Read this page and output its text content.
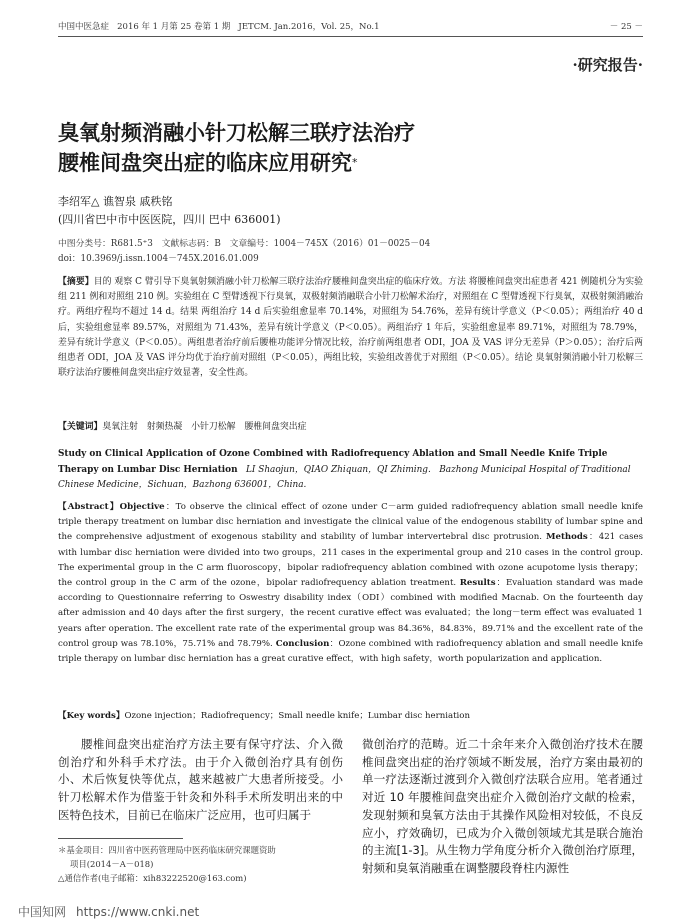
中国中医急症 2016 年 1 月第 25 卷第 1 期 JETCM. Jan.2016，Vol. 25，No.1	－ 25 －
·研究报告·
臭氧射频消融小针刀松解三联疗法治疗
腰椎间盘突出症的临床应用研究*
李绍军△ 谯智泉 戚秩铭
(四川省巴中市中医医院，四川 巴中 636001)
中图分类号：R681.5⁺3　文献标志码：B　文章编号：1004－745X（2016）01－0025－04
doi：10.3969/j.issn.1004－745X.2016.01.009
【摘要】目的 观察 C 臂引导下臭氧射频消融小针刀松解三联疗法治疗腰椎间盘突出症的临床疗效。方法 将腰椎间盘突出症患者 421 例随机分为实验组 211 例和对照组 210 例。实验组在 C 型臂透视下行臭氧，双极射频消融联合小针刀松解术治疗，对照组在 C 型臂透视下行臭氧，双极射频消融治疗。两组疗程均不超过 14 d。结果 两组治疗 14 d 后实验组愈显率 70.14%，对照组为 54.76%，差异有统计学意义（P＜0.05）；两组治疗 40 d 后，实验组愈显率 89.57%，对照组为 71.43%，差异有统计学意义（P＜0.05）。两组治疗 1 年后，实验组愈显率 89.71%，对照组为 78.79%，差异有统计学意义（P＜0.05）。两组患者治疗前后腰椎功能评分情况比较，治疗前两组患者 ODI，JOA 及 VAS 评分无差异（P＞0.05）；治疗后两组患者 ODI，JOA 及 VAS 评分均优于治疗前对照组（P＜0.05），两组比较，实验组改善优于对照组（P＜0.05）。结论 臭氧射频消融小针刀松解三联疗法治疗腰椎间盘突出症疗效显著，安全性高。
【关键词】臭氧注射　射频热凝　小针刀松解　腰椎间盘突出症
Study on Clinical Application of Ozone Combined with Radiofrequency Ablation and Small Needle Knife Triple Therapy on Lumbar Disc Herniation LI Shaojun，QIAO Zhiquan，QI Zhiming. Bazhong Municipal Hospital of Traditional Chinese Medicine，Sichuan，Bazhong 636001，China.
【Abstract】Objective：To observe the clinical effect of ozone under C－arm guided radiofrequency ablation small needle knife triple therapy treatment on lumbar disc herniation and investigate the clinical value of the endogenous stability of lumbar spine and the comprehensive adjustment of exogenous stability and stability of lumbar intervertebral disc protrusion. Methods：421 cases with lumbar disc herniation were divided into two groups，211 cases in the experimental group and 210 cases in the control group. The experimental group in the C arm fluoroscopy，bipolar radiofrequency ablation combined with ozone acupotome lysis therapy；the control group in the C arm of the ozone，bipolar radiofrequency ablation treatment. Results：Evaluation standard was made according to Questionnaire referring to Oswestry disability index（ODI）combined with modified Macnab. On the fourteenth day after admission and 40 days after the first surgery，the recent curative effect was evaluated；the long－term effect was evaluated 1 years after operation. The excellent rate rate of the experimental group was 84.36%，84.83%，89.71% and the excellent rate of the control group was 78.10%，75.71% and 78.79%. Conclusion：Ozone combined with radiofrequency ablation and small needle knife triple therapy on lumbar disc herniation has a great curative effect，with high safety，worth popularization and application.
【Key words】Ozone injection；Radiofrequency；Small needle knife；Lumbar disc herniation
腰椎间盘突出症治疗方法主要有保守疗法、介入微创治疗和外科手术疗法。由于介入微创治疗具有创伤小、术后恢复快等优点，越来越被广大患者所接受。小针刀松解术作为借鉴于针灸和外科手术所发明出来的中医特色技术，目前已在临床广泛应用，也可归属于
微创治疗的范畴。近二十余年来介入微创治疗技术在腰椎间盘突出症的治疗领域不断发展，治疗方案由最初的单一疗法逐渐过渡到介入微创疗法联合应用。笔者通过对近 10 年腰椎间盘突出症介入微创治疗文献的检索，发现射频和臭氧方法由于其操作风险相对较低，不良反应小，疗效确切，已成为介入微创领域尤其是联合施治的主流[1-3]。从生物力学角度分析介入微创治疗原理，射频和臭氧消融重在调整腰段脊柱内源性
＊基金项目：四川省中医药管理局中医药临床研究课题资助
项目(2014－A－018)
△通信作者(电子邮箱：xih83222520@163.com)
中国知网 https://www.cnki.net
